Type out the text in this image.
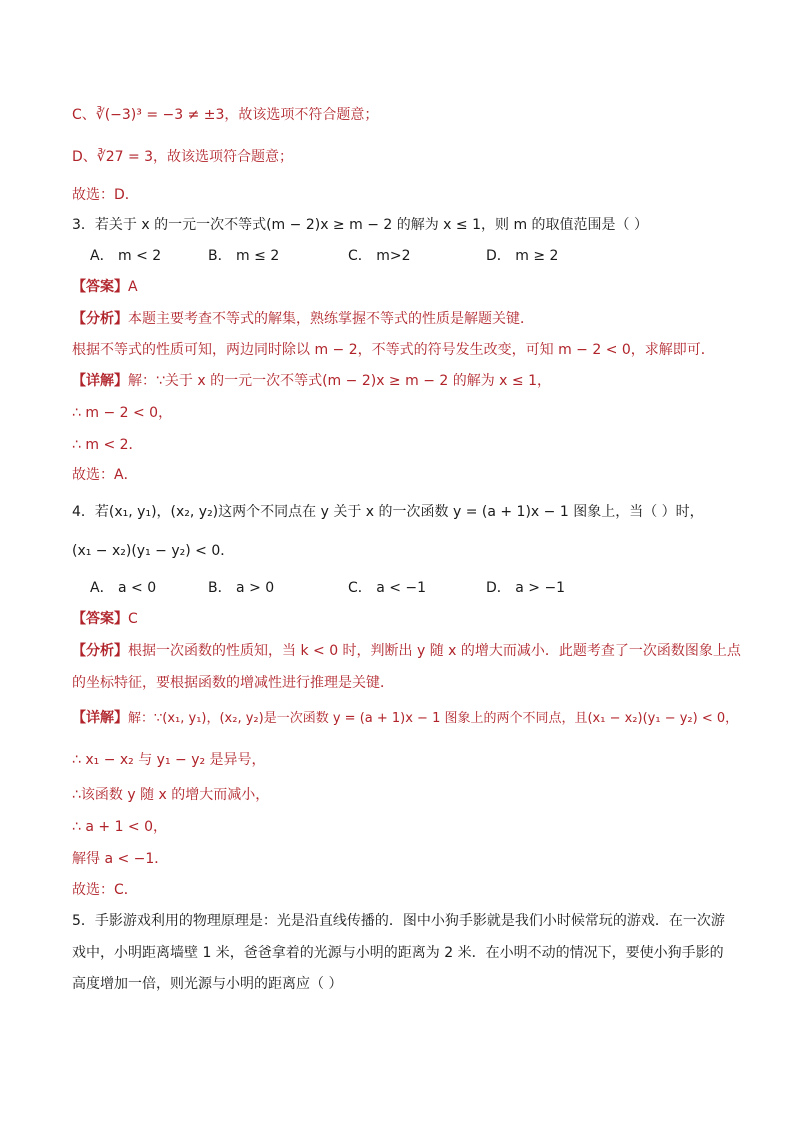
C、∛(−3)³ = −3 ≠ ±3，故该选项不符合题意；
D、∛27 = 3，故该选项符合题意；
故选：D．
3．若关于 x 的一元一次不等式(m − 2)x ≥ m − 2 的解为 x ≤ 1，则 m 的取值范围是（ ）
A． m < 2	B． m ≤ 2	C． m>2	D． m ≥ 2
【答案】A
【分析】本题主要考查不等式的解集，熟练掌握不等式的性质是解题关键．
根据不等式的性质可知，两边同时除以 m − 2，不等式的符号发生改变，可知 m − 2 < 0，求解即可．
【详解】解：∵关于 x 的一元一次不等式(m − 2)x ≥ m − 2 的解为 x ≤ 1，
∴ m − 2 < 0，
∴ m < 2．
故选：A．
4．若(x₁, y₁)，(x₂, y₂)这两个不同点在 y 关于 x 的一次函数 y = (a + 1)x − 1 图象上，当（ ）时，
(x₁ − x₂)(y₁ − y₂) < 0．
A． a < 0	B． a > 0	C． a < −1	D． a > −1
【答案】C
【分析】根据一次函数的性质知，当 k < 0 时，判断出 y 随 x 的增大而减小．此题考查了一次函数图象上点
的坐标特征，要根据函数的增减性进行推理是关键．
【详解】解：∵(x₁, y₁)，(x₂, y₂)是一次函数 y = (a + 1)x − 1 图象上的两个不同点，且(x₁ − x₂)(y₁ − y₂) < 0，
∴ x₁ − x₂ 与 y₁ − y₂ 是异号，
∴该函数 y 随 x 的增大而减小，
∴ a + 1 < 0，
解得 a < −1．
故选：C．
5．手影游戏利用的物理原理是：光是沿直线传播的．图中小狗手影就是我们小时候常玩的游戏．在一次游
戏中，小明距离墙壁 1 米，爸爸拿着的光源与小明的距离为 2 米．在小明不动的情况下，要使小狗手影的
高度增加一倍，则光源与小明的距离应（ ）
